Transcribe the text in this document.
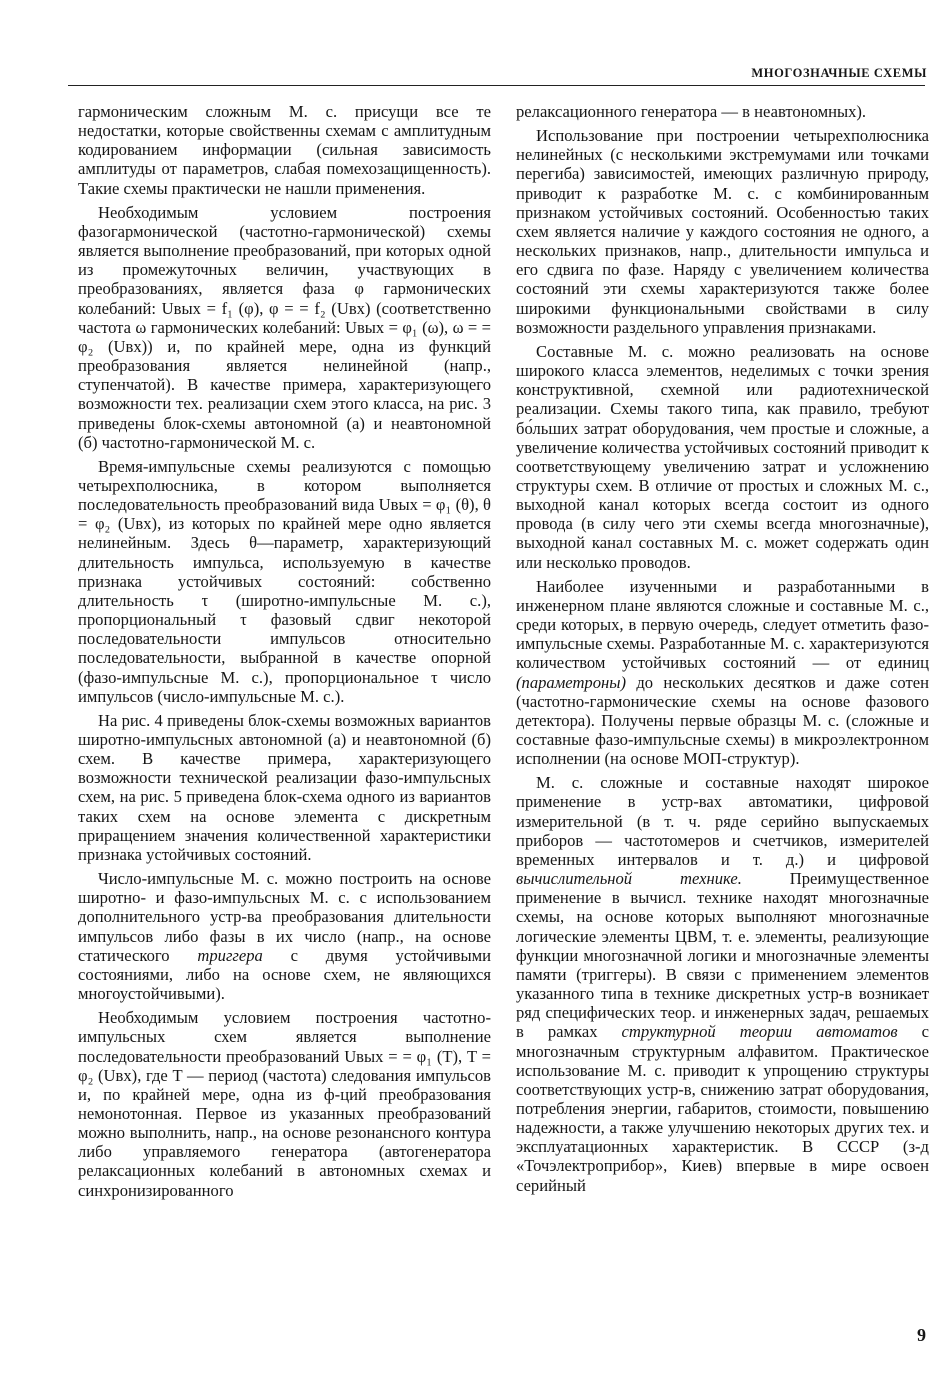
МНОГОЗНАЧНЫЕ СХЕМЫ

гармоническим сложным М. с. присущи все те недостатки, которые свойственны схемам с амплитудным кодированием информации (сильная зависимость амплитуды от параметров, слабая помехозащищенность). Такие схемы практически не нашли применения.

Необходимым условием построения фазогармонической (частотно-гармонической) схемы является выполнение преобразований, при которых одной из промежуточных величин, участвующих в преобразованиях, является фаза φ гармонических колебаний: Uвых = f₁ (φ), φ = = f₂ (Uвх) (соответственно частота ω гармонических колебаний: Uвых = φ₁ (ω), ω = = φ₂ (Uвх)) и, по крайней мере, одна из функций преобразования является нелинейной (напр., ступенчатой). В качестве примера, характеризующего возможности тех. реализации схем этого класса, на рис. 3 приведены блок-схемы автономной (а) и неавтономной (б) частотно-гармонической М. с.

Время-импульсные схемы реализуются с помощью четырехполюсника, в котором выполняется последовательность преобразований вида Uвых = φ₁ (θ), θ = φ₂ (Uвх), из которых по крайней мере одно является нелинейным. Здесь θ—параметр, характеризующий длительность импульса, используемую в качестве признака устойчивых состояний: собственно длительность τ (широтно-импульсные М. с.), пропорциональный τ фазовый сдвиг некоторой последовательности импульсов относительно последовательности, выбранной в качестве опорной (фазо-импульсные М. с.), пропорциональное τ число импульсов (число-импульсные М. с.).

На рис. 4 приведены блок-схемы возможных вариантов широтно-импульсных автономной (а) и неавтономной (б) схем. В качестве примера, характеризующего возможности технической реализации фазо-импульсных схем, на рис. 5 приведена блок-схема одного из вариантов таких схем на основе элемента с дискретным приращением значения количественной характеристики признака устойчивых состояний.

Число-импульсные М. с. можно построить на основе широтно- и фазо-импульсных М. с. с использованием дополнительного устр-ва преобразования длительности импульсов либо фазы в их число (напр., на основе статического триггера с двумя устойчивыми состояниями, либо на основе схем, не являющихся многоустойчивыми).

Необходимым условием построения частотно-импульсных схем является выполнение последовательности преобразований Uвых = = φ₁ (T), T = φ₂ (Uвх), где T — период (частота) следования импульсов и, по крайней мере, одна из ф-ций преобразования немонотонная. Первое из указанных преобразований можно выполнить, напр., на основе резонансного контура либо управляемого генератора (автогенератора релаксационных колебаний в автономных схемах и синхронизированного

релаксационного генератора — в неавтономных).

Использование при построении четырехполюсника нелинейных (с несколькими экстремумами или точками перегиба) зависимостей, имеющих различную природу, приводит к разработке М. с. с комбинированным признаком устойчивых состояний. Особенностью таких схем является наличие у каждого состояния не одного, а нескольких признаков, напр., длительности импульса и его сдвига по фазе. Наряду с увеличением количества состояний эти схемы характеризуются также более широкими функциональными свойствами в силу возможности раздельного управления признаками.

Составные М. с. можно реализовать на основе широкого класса элементов, неделимых с точки зрения конструктивной, схемной или радиотехнической реализации. Схемы такого типа, как правило, требуют бо́льших затрат оборудования, чем простые и сложные, а увеличение количества устойчивых состояний приводит к соответствующему увеличению затрат и усложнению структуры схем. В отличие от простых и сложных М. с., выходной канал которых всегда состоит из одного провода (в силу чего эти схемы всегда многозначные), выходной канал составных М. с. может содержать один или несколько проводов.

Наиболее изученными и разработанными в инженерном плане являются сложные и составные М. с., среди которых, в первую очередь, следует отметить фазо-импульсные схемы. Разработанные М. с. характеризуются количеством устойчивых состояний — от единиц (параметроны) до нескольких десятков и даже сотен (частотно-гармонические схемы на основе фазового детектора). Получены первые образцы М. с. (сложные и составные фазо-импульсные схемы) в микроэлектронном исполнении (на основе МОП-структур).

М. с. сложные и составные находят широкое применение в устр-вах автоматики, цифровой измерительной (в т. ч. ряде серийно выпускаемых приборов — частотомеров и счетчиков, измерителей временных интервалов и т. д.) и цифровой вычислительной технике. Преимущественное применение в вычисл. технике находят многозначные схемы, на основе которых выполняют многозначные логические элементы ЦВМ, т. е. элементы, реализующие функции многозначной логики и многозначные элементы памяти (триггеры). В связи с применением элементов указанного типа в технике дискретных устр-в возникает ряд специфических теор. и инженерных задач, решаемых в рамках структурной теории автоматов с многозначным структурным алфавитом. Практическое использование М. с. приводит к упрощению структуры соответствующих устр-в, снижению затрат оборудования, потребления энергии, габаритов, стоимости, повышению надежности, а также улучшению некоторых других тех. и эксплуатационных характеристик. В СССР (з-д «Точэлектроприбор», Киев) впервые в мире освоен серийный

9
